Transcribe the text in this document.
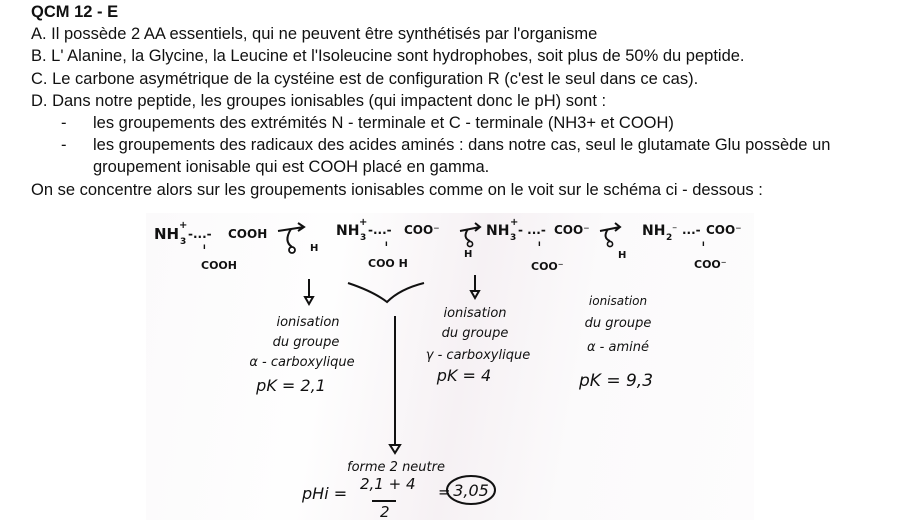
QCM 12 - E
A. Il possède 2 AA essentiels, qui ne peuvent être synthétisés par l'organisme
B. L' Alanine, la Glycine, la Leucine et l'Isoleucine sont hydrophobes, soit plus de 50% du peptide.
C. Le carbone asymétrique de la cystéine est de configuration R (c'est le seul dans ce cas).
D. Dans notre peptide, les groupes ionisables (qui impactent donc le pH) sont :
- les groupements des extrémités N - terminale et C - terminale (NH3+ et COOH)
- les groupements des radicaux des acides aminés : dans notre cas, seul le glutamate Glu possède un
groupement ionisable qui est COOH placé en gamma.
On se concentre alors sur les groupements ionisables comme on le voit sur le schéma ci - dessous :
NH 3
+
-...- COOH
ı
COOH
H
NH 3
+
-...- COO⁻
ı
COO H
H
NH 3
+
- ...- COO⁻
ı
COO⁻
H
NH 2
⁻ ...- COO⁻
ı
COO⁻
ionisation
du groupe
α - carboxylique
pK = 2,1
ionisation
du groupe
γ - carboxylique
pK = 4
ionisation
du groupe
α - aminé
pK = 9,3
forme 2 neutre
pHi = 2,1 + 4
2
= 3,05
